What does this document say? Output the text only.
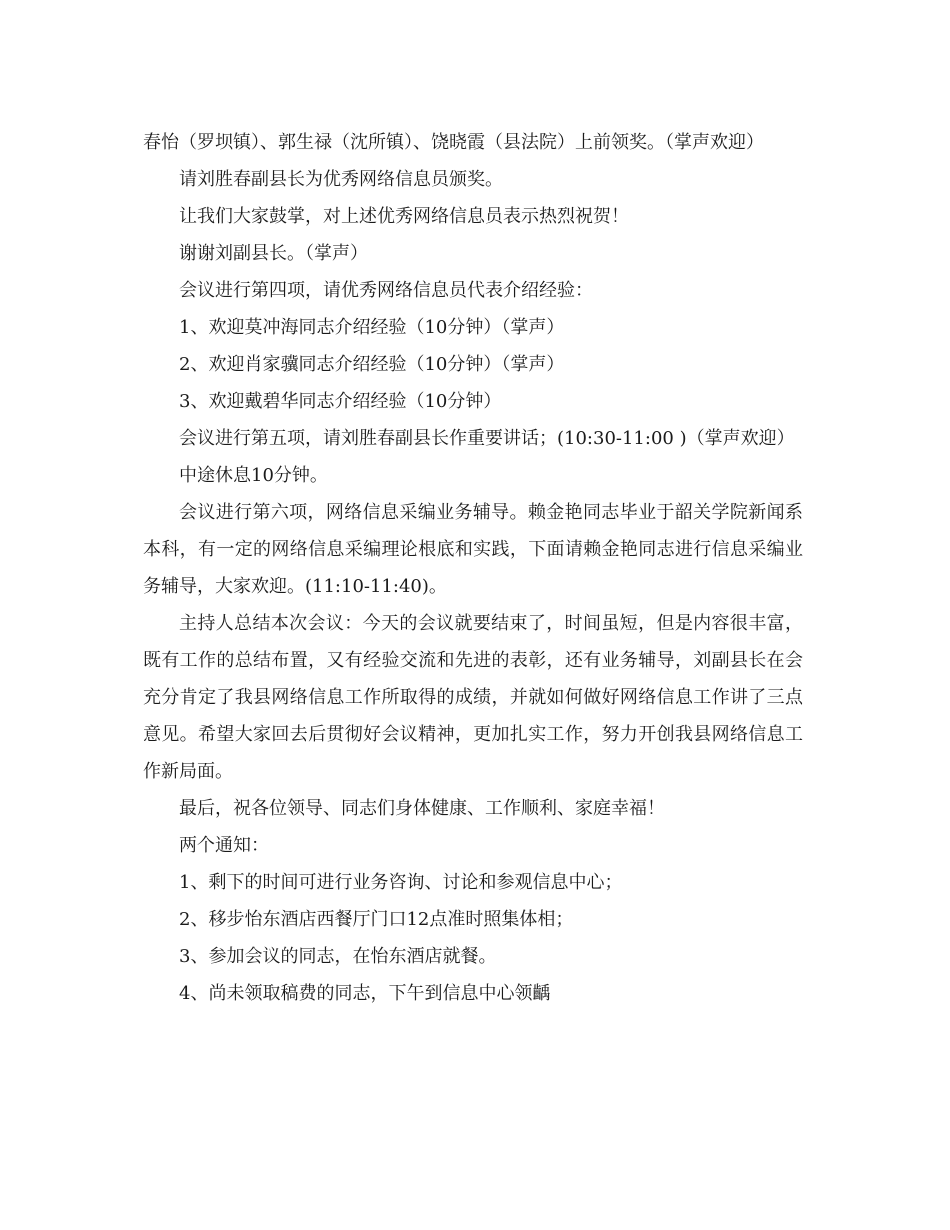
春怡（罗坝镇）、郭生禄（沈所镇）、饶晓霞（县法院）上前领奖。（掌声欢迎）

请刘胜春副县长为优秀网络信息员颁奖。

让我们大家鼓掌，对上述优秀网络信息员表示热烈祝贺！

谢谢刘副县长。（掌声）

会议进行第四项，请优秀网络信息员代表介绍经验：

1、欢迎莫冲海同志介绍经验（10分钟）（掌声）

2、欢迎肖家骥同志介绍经验（10分钟）（掌声）

3、欢迎戴碧华同志介绍经验（10分钟）

会议进行第五项，请刘胜春副县长作重要讲话；(10:30-11:00 )（掌声欢迎）

中途休息10分钟。

会议进行第六项，网络信息采编业务辅导。赖金艳同志毕业于韶关学院新闻系本科，有一定的网络信息采编理论根底和实践，下面请赖金艳同志进行信息采编业务辅导，大家欢迎。(11:10-11:40)。

主持人总结本次会议：今天的会议就要结束了，时间虽短，但是内容很丰富，既有工作的总结布置，又有经验交流和先进的表彰，还有业务辅导，刘副县长在会充分肯定了我县网络信息工作所取得的成绩，并就如何做好网络信息工作讲了三点意见。希望大家回去后贯彻好会议精神，更加扎实工作，努力开创我县网络信息工作新局面。

最后，祝各位领导、同志们身体健康、工作顺利、家庭幸福！

两个通知：

1、剩下的时间可进行业务咨询、讨论和参观信息中心；

2、移步怡东酒店西餐厅门口12点准时照集体相；

3、参加会议的同志，在怡东酒店就餐。

4、尚未领取稿费的同志，下午到信息中心领齲
